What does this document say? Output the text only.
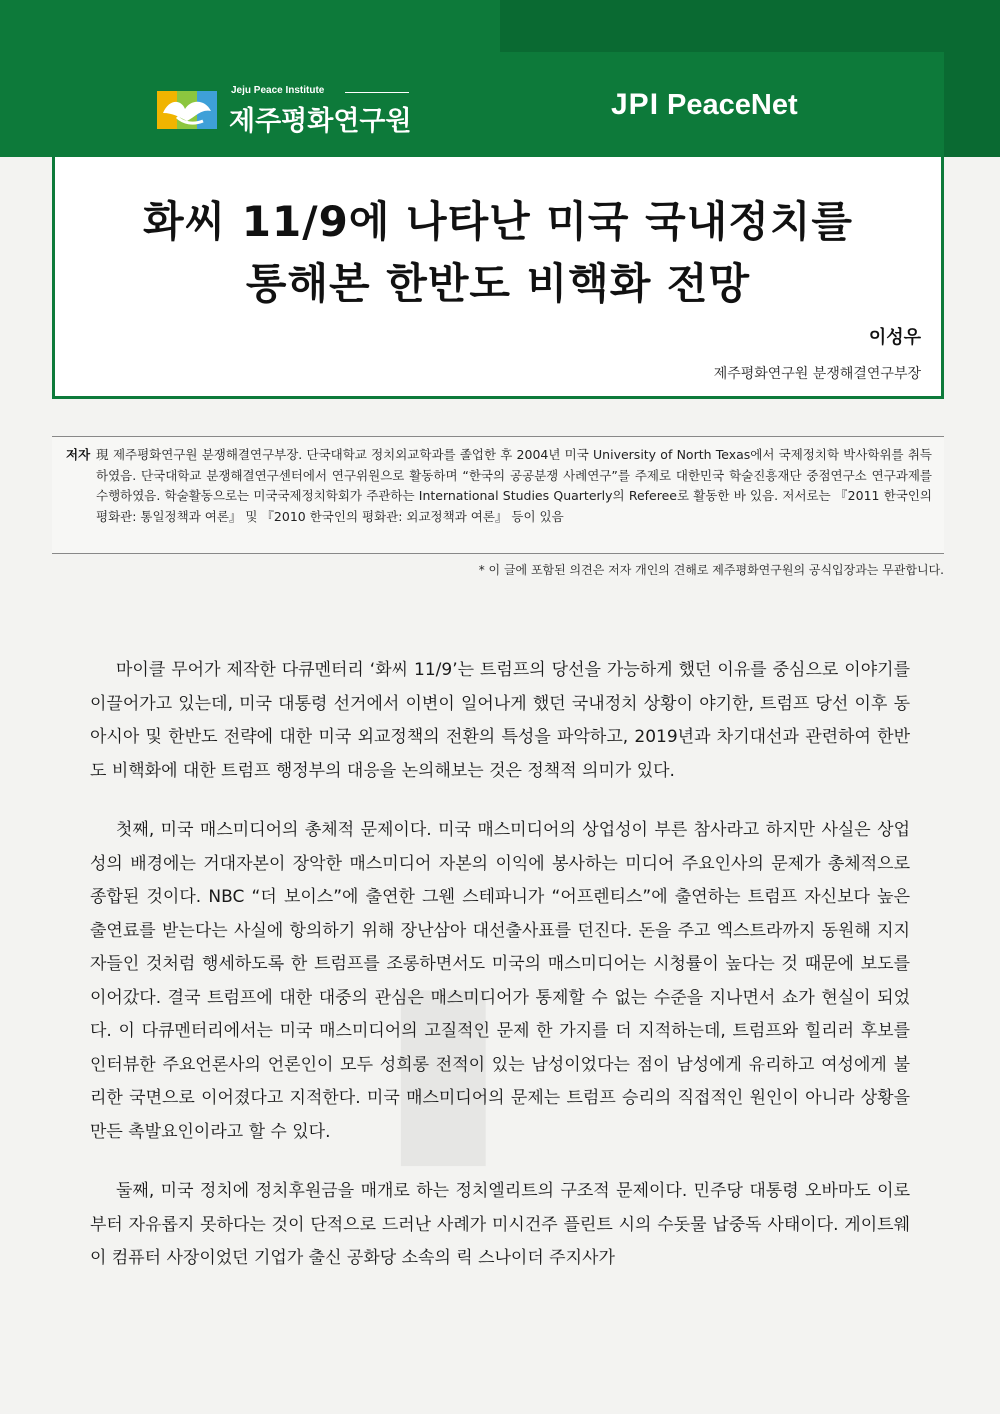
Jeju Peace Institute
제주평화연구원
JPI PeaceNet
화씨 11/9에 나타난 미국 국내정치를
통해본 한반도 비핵화 전망
이성우
제주평화연구원 분쟁해결연구부장
저자 現 제주평화연구원 분쟁해결연구부장. 단국대학교 정치외교학과를 졸업한 후 2004년 미국 University of North Texas에서 국제정치학 박사학위를 취득하였음. 단국대학교 분쟁해결연구센터에서 연구위원으로 활동하며 “한국의 공공분쟁 사례연구”를 주제로 대한민국 학술진흥재단 중점연구소 연구과제를 수행하였음. 학술활동으로는 미국국제정치학회가 주관하는 International Studies Quarterly의 Referee로 활동한 바 있음. 저서로는 『2011 한국인의 평화관: 통일정책과 여론』 및 『2010 한국인의 평화관: 외교정책과 여론』 등이 있음
* 이 글에 포함된 의견은 저자 개인의 견해로 제주평화연구원의 공식입장과는 무관합니다.
▮

마이클 무어가 제작한 다큐멘터리 ‘화씨 11/9’는 트럼프의 당선을 가능하게 했던 이유를 중심으로 이야기를 이끌어가고 있는데, 미국 대통령 선거에서 이변이 일어나게 했던 국내정치 상황이 야기한, 트럼프 당선 이후 동아시아 및 한반도 전략에 대한 미국 외교정책의 전환의 특성을 파악하고, 2019년과 차기대선과 관련하여 한반도 비핵화에 대한 트럼프 행정부의 대응을 논의해보는 것은 정책적 의미가 있다.

첫째, 미국 매스미디어의 총체적 문제이다. 미국 매스미디어의 상업성이 부른 참사라고 하지만 사실은 상업성의 배경에는 거대자본이 장악한 매스미디어 자본의 이익에 봉사하는 미디어 주요인사의 문제가 총체적으로 종합된 것이다. NBC “더 보이스”에 출연한 그웬 스테파니가 “어프렌티스”에 출연하는 트럼프 자신보다 높은 출연료를 받는다는 사실에 항의하기 위해 장난삼아 대선출사표를 던진다. 돈을 주고 엑스트라까지 동원해 지지자들인 것처럼 행세하도록 한 트럼프를 조롱하면서도 미국의 매스미디어는 시청률이 높다는 것 때문에 보도를 이어갔다. 결국 트럼프에 대한 대중의 관심은 매스미디어가 통제할 수 없는 수준을 지나면서 쇼가 현실이 되었다. 이 다큐멘터리에서는 미국 매스미디어의 고질적인 문제 한 가지를 더 지적하는데, 트럼프와 힐리러 후보를 인터뷰한 주요언론사의 언론인이 모두 성희롱 전적이 있는 남성이었다는 점이 남성에게 유리하고 여성에게 불리한 국면으로 이어졌다고 지적한다. 미국 매스미디어의 문제는 트럼프 승리의 직접적인 원인이 아니라 상황을 만든 촉발요인이라고 할 수 있다.

둘째, 미국 정치에 정치후원금을 매개로 하는 정치엘리트의 구조적 문제이다. 민주당 대통령 오바마도 이로부터 자유롭지 못하다는 것이 단적으로 드러난 사례가 미시건주 플린트 시의 수돗물 납중독 사태이다. 게이트웨이 컴퓨터 사장이었던 기업가 출신 공화당 소속의 릭 스나이더 주지사가
